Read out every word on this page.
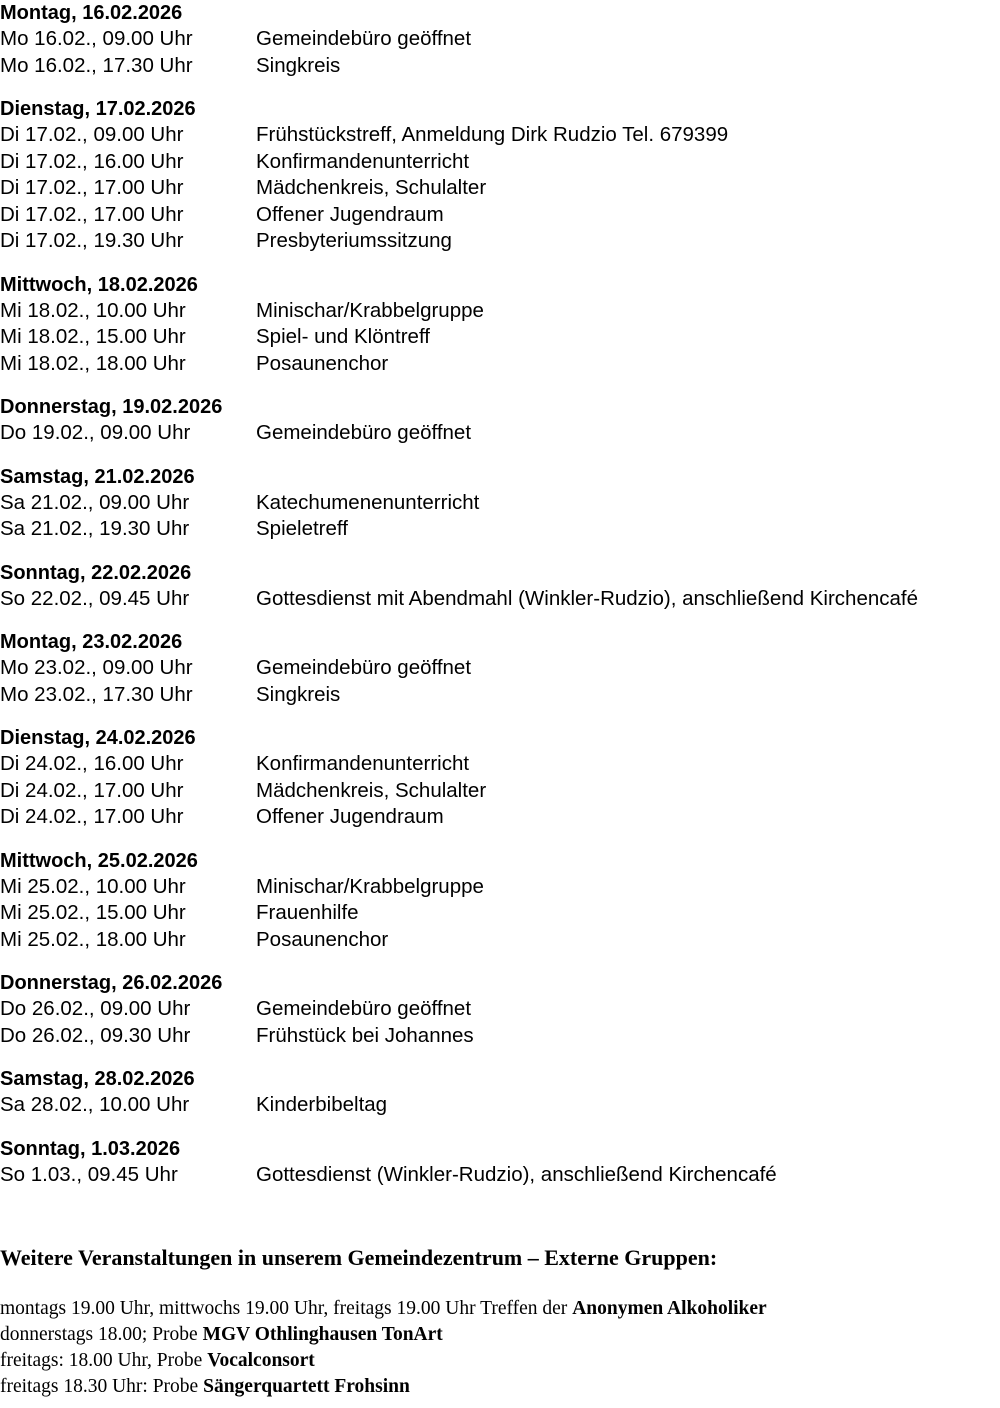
Montag, 16.02.2026
Mo 16.02., 09.00 Uhr	Gemeindebüro geöffnet
Mo 16.02., 17.30 Uhr	Singkreis
Dienstag, 17.02.2026
Di 17.02., 09.00 Uhr	Frühstückstreff, Anmeldung Dirk Rudzio Tel. 679399
Di 17.02., 16.00 Uhr	Konfirmandenunterricht
Di 17.02., 17.00 Uhr	Mädchenkreis, Schulalter
Di 17.02., 17.00 Uhr	Offener Jugendraum
Di 17.02., 19.30 Uhr	Presbyteriumssitzung
Mittwoch, 18.02.2026
Mi 18.02., 10.00 Uhr	Minischar/Krabbelgruppe
Mi 18.02., 15.00 Uhr	Spiel- und Klöntreff
Mi 18.02., 18.00 Uhr	Posaunenchor
Donnerstag, 19.02.2026
Do 19.02., 09.00 Uhr	Gemeindebüro geöffnet
Samstag, 21.02.2026
Sa 21.02., 09.00 Uhr	Katechumenenunterricht
Sa 21.02., 19.30 Uhr	Spieletreff
Sonntag, 22.02.2026
So 22.02., 09.45 Uhr	Gottesdienst mit Abendmahl (Winkler-Rudzio), anschließend Kirchencafé
Montag, 23.02.2026
Mo 23.02., 09.00 Uhr	Gemeindebüro geöffnet
Mo 23.02., 17.30 Uhr	Singkreis
Dienstag, 24.02.2026
Di 24.02., 16.00 Uhr	Konfirmandenunterricht
Di 24.02., 17.00 Uhr	Mädchenkreis, Schulalter
Di 24.02., 17.00 Uhr	Offener Jugendraum
Mittwoch, 25.02.2026
Mi 25.02., 10.00 Uhr	Minischar/Krabbelgruppe
Mi 25.02., 15.00 Uhr	Frauenhilfe
Mi 25.02., 18.00 Uhr	Posaunenchor
Donnerstag, 26.02.2026
Do 26.02., 09.00 Uhr	Gemeindebüro geöffnet
Do 26.02., 09.30 Uhr	Frühstück bei Johannes
Samstag, 28.02.2026
Sa 28.02., 10.00 Uhr	Kinderbibeltag
Sonntag, 1.03.2026
So 1.03., 09.45 Uhr	Gottesdienst (Winkler-Rudzio), anschließend Kirchencafé
Weitere Veranstaltungen in unserem Gemeindezentrum – Externe Gruppen:
montags 19.00 Uhr, mittwochs 19.00 Uhr, freitags 19.00 Uhr Treffen der Anonymen Alkoholiker
donnerstags 18.00; Probe MGV Othlinghausen TonArt
freitags: 18.00 Uhr, Probe Vocalconsort
freitags 18.30 Uhr: Probe Sängerquartett Frohsinn
